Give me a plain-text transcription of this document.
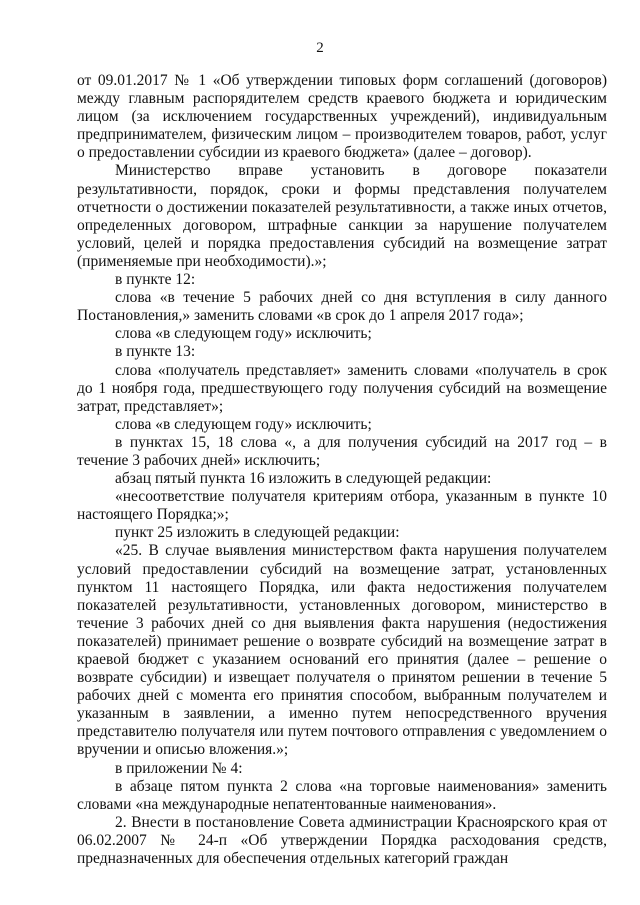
2

от 09.01.2017 № 1 «Об утверждении типовых форм соглашений (договоров) между главным распорядителем средств краевого бюджета и юридическим лицом (за исключением государственных учреждений), индивидуальным предпринимателем, физическим лицом – производителем товаров, работ, услуг о предоставлении субсидии из краевого бюджета» (далее – договор).

Министерство вправе установить в договоре показатели результативности, порядок, сроки и формы представления получателем отчетности о достижении показателей результативности, а также иных отчетов, определенных договором, штрафные санкции за нарушение получателем условий, целей и порядка предоставления субсидий на возмещение затрат (применяемые при необходимости).»;

в пункте 12:

слова «в течение 5 рабочих дней со дня вступления в силу данного Постановления,» заменить словами «в срок до 1 апреля 2017 года»;

слова «в следующем году» исключить;

в пункте 13:

слова «получатель представляет» заменить словами «получатель в срок до 1 ноября года, предшествующего году получения субсидий на возмещение затрат, представляет»;

слова «в следующем году» исключить;

в пунктах 15, 18 слова «, а для получения субсидий на 2017 год – в течение 3 рабочих дней» исключить;

абзац пятый пункта 16 изложить в следующей редакции:

«несоответствие получателя критериям отбора, указанным в пункте 10 настоящего Порядка;»;

пункт 25 изложить в следующей редакции:

«25. В случае выявления министерством факта нарушения получателем условий предоставлении субсидий на возмещение затрат, установленных пунктом 11 настоящего Порядка, или факта недостижения получателем показателей результативности, установленных договором, министерство в течение 3 рабочих дней со дня выявления факта нарушения (недостижения показателей) принимает решение о возврате субсидий на возмещение затрат в краевой бюджет с указанием оснований его принятия (далее – решение о возврате субсидии) и извещает получателя о принятом решении в течение 5 рабочих дней с момента его принятия способом, выбранным получателем и указанным в заявлении, а именно путем непосредственного вручения представителю получателя или путем почтового отправления с уведомлением о вручении и описью вложения.»;

в приложении № 4:

в абзаце пятом пункта 2 слова «на торговые наименования» заменить словами «на международные непатентованные наименования».

2. Внести в постановление Совета администрации Красноярского края от 06.02.2007 № 24-п «Об утверждении Порядка расходования средств, предназначенных для обеспечения отдельных категорий граждан
